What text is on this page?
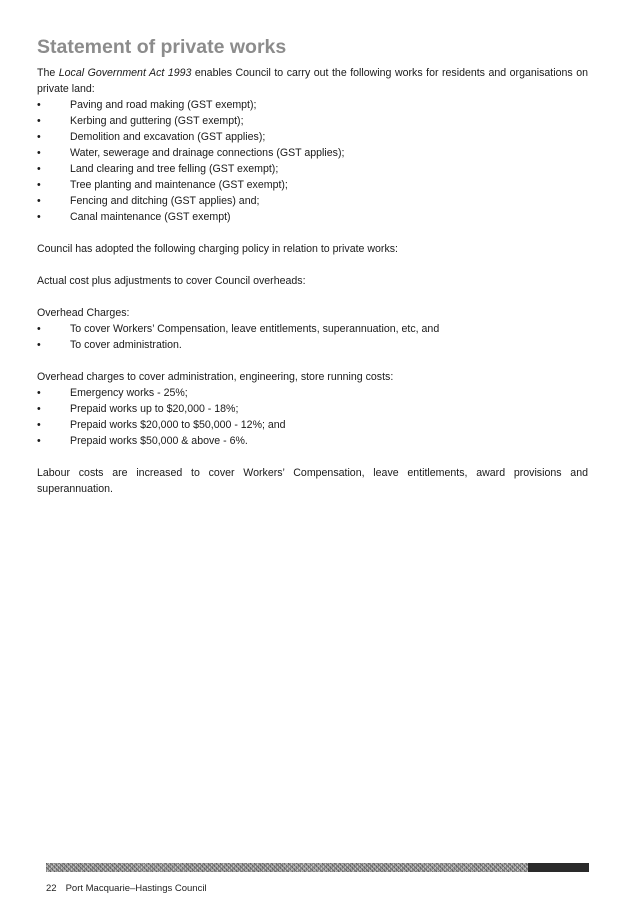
Statement of private works

The Local Government Act 1993 enables Council to carry out the following works for residents and organisations on private land:

•	Paving and road making (GST exempt);
•	Kerbing and guttering (GST exempt);
•	Demolition and excavation (GST applies);
•	Water, sewerage and drainage connections (GST applies);
•	Land clearing and tree felling (GST exempt);
•	Tree planting and maintenance (GST exempt);
•	Fencing and ditching (GST applies) and;
•	Canal maintenance (GST exempt)

Council has adopted the following charging policy in relation to private works:

Actual cost plus adjustments to cover Council overheads:

Overhead Charges:

•	To cover Workers’ Compensation, leave entitlements, superannuation, etc, and
•	To cover administration.

Overhead charges to cover administration, engineering, store running costs:

•	Emergency works - 25%;
•	Prepaid works up to $20,000 - 18%;
•	Prepaid works $20,000 to $50,000 - 12%; and
•	Prepaid works $50,000 & above - 6%.

Labour costs are increased to cover Workers’ Compensation, leave entitlements, award provisions and superannuation.

22 Port Macquarie–Hastings Council
